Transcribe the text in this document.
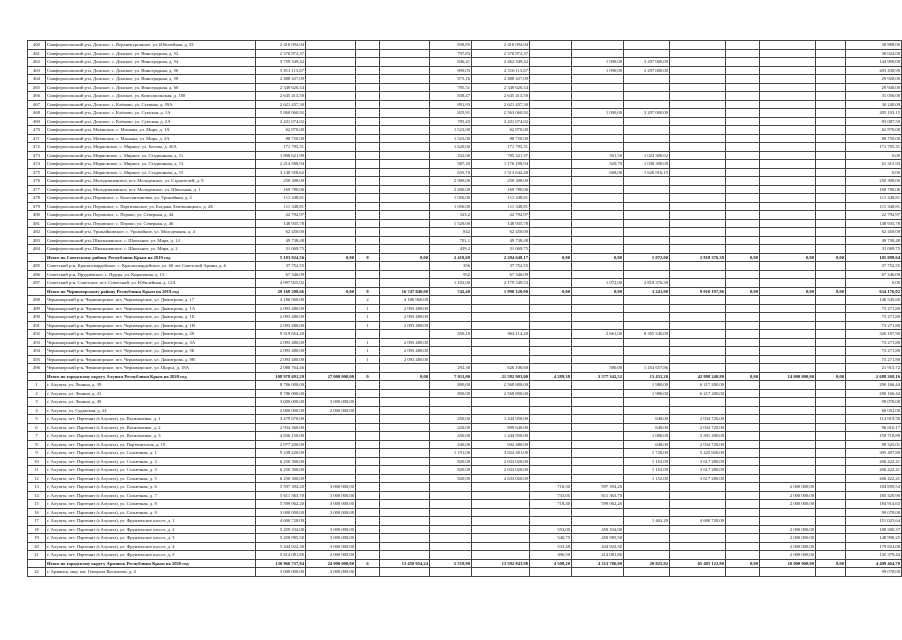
460	Симферопольский р-н, Донское, с. Верхнекурганное, ул. Юбилейная, д. 33	2 416 094,94				838,85	2 416 094,94								30 888,00
461	Симферопольский р-н, Донское, с. Донское, ул. Виноградная, д. 52	2 370 872,37				797,83	2 370 872,37								30 024,00
462	Симферопольский р-н, Донское, с. Донское, ул. Виноградная, д. 54	5 759 349,42				846,41	2 462 349,42		1 090,00	3 297 000,00					144 990,00
463	Симферопольский р-н, Донское, с. Донское, ул. Виноградная, д. 56	5 813 113,67				899,03	2 516 113,67		1 090,00	3 297 000,00					203 438,90
464	Симферопольский р-н, Донское, с. Донское, ул. Виноградная, д. 58	2 488 437,09				875,16	2 488 437,09								29 928,00
465	Симферопольский р-н, Донское, с. Донское, ул. Виноградная, д. 60	2 349 626,54				785,51	2 349 626,54								29 940,00
466	Симферопольский р-н, Донское, с. Донское, ул. Комсомольская, д. 180	2 645 413,50				838,47	2 645 413,50								31 056,00
467	Симферопольский р-н, Донское, с. Клёново, ул. Степная, д. 59А	2 621 437,30				891,93	2 621 437,30								30 240,00
468	Симферопольский р-н, Донское, с. Клёново, ул. Сумская, д. 1А	5 860 060,92				825,91	2 563 060,92		1 090,00	3 297 000,00					205 103,15
469	Симферопольский р-н, Донское, с. Клёново, ул. Сумская, д. 2А	2 431 074,02				785,45	2 431 074,02								83 087,59
470	Симферопольский р-н, Мазанское, с. Мазанка, ул. Мира, д. 1А	62 870,00				1 523,00	62 870,00								62 870,00
471	Симферопольский р-н, Мазанское, с. Мазанка, ул. Мира, д. 2А	88 750,00				1 523,00	88 750,00								88 750,00
472	Симферопольский р-н, Мирновское, с. Мирное, ул. Белова, д. 20А	171 795,31				1 620,00	171 795,31								171 795,31
473	Симферопольский р-н, Мирновское, с. Мирное, ул. Стадионная, д. 11	1 808 621,99				332,00	785 321,37		501,50	1 023 300,62					0,00
474	Симферопольский р-н, Мирновское, с. Мирное, ул. Стадионная, д. 13	2 214 588,94				387,20	1 176 198,94		320,70	1 038 390,00					61 315,93
475	Симферопольский р-н, Мирновское, с. Мирное, ул. Стадионная, д. 15	3 140 558,62				635,70	1 513 642,48		668,00	1 626 916,15					0,00
476	Симферопольский р-н, Молодежненское, пгт. Молодежное, ул. Строителей, д. 9	250 308,00				2 900,00	250 308,00								250 308,00
477	Симферопольский р-н, Молодежненское, пгт. Молодежное, ул. Школьная, д. 1	169 780,06				2 400,00	169 780,06								169 780,06
478	Симферопольский р-н, Перовское, с. Константиновка, ул. Урожайная, д. 2	111 348,81				1 056,00	111 348,81								111 348,81
479	Симферопольский р-н, Перовское, с. Партизанское, ул. Богдана Хмельницкого, д. 2Б	111 348,81				1 056,00	111 348,81								111 348,81
480	Симферопольский р-н, Перовское, с. Перово, ул. Северная, д. 44	22 792,97				323,2	22 792,97								22 792,97
481	Симферопольский р-н, Перовское, с. Перово, ул. Северная, д. 46	148 935,78				1 529,00	148 935,78								148 935,78
482	Симферопольский р-н, Урожайновское, с. Урожайное, ул. Молодежная, д. 4	62 450,00				842	62 450,00								62 450,00
483	Симферопольский р-н, Школьненское, с. Школьное, ул. Мира, д. 14	49 738,48				701,1	49 738,48								49 738,48
484	Симферопольский р-н, Школьненское, с. Школьное, ул. Мира, д. 2	31 069,75				439,2	31 069,75								31 069,75
	Итого по Советскому району Республики Крым на 2019 год	5 103 024,56	0,00	0	0,00	2 410,69	2 294 648,17	0,00	0,00	1 072,00	2 818 376,39	0,00	0,00	0,00	105 098,64
485	Советский р-н, Красногвардейское, с. Красногвардейское, ул. 60 лет Советской Армии, д. 6	37 752,55				356	37 752,55								37 752,55
486	Советский р-н, Пруднёвское, с. Пруды, ул. Кирпичная, д. 15	67 346,09				952	67 346,09								67 346,09
487	Советский р-н, Советское, пгт. Советский, ул. Юбилейная, д. 12А	4 997 925,92				1 102,00	2 179 549,53		1 072,00	2 818 376,39					0,00
	Итого по Черноморскому району Республики Крым на 2019 год	29 168 208,66	0,00	8	16 747 840,00	742,40	1 990 120,00	0,00	0,00	3 241,00	9 010 197,86	0,00	0,00	0,00	634 176,02
488	Черноморский р-н, Черноморское, пгт. Черноморское, ул. Димитрова, д. 17	4 186 960,00		2	4 186 960,00										146 545,60
489	Черноморский р-н, Черноморское, пгт. Черноморское, ул. Димитрова, д. 1А	2 093 480,00		1	2 093 480,00										73 271,80
490	Черноморский р-н, Черноморское, пгт. Черноморское, ул. Димитрова, д. 1Б	2 093 480,00		1	2 093 480,00										73 271,80
491	Черноморский р-н, Черноморское, пгт. Черноморское, ул. Димитрова, д. 1В	2 093 480,00		1	2 093 480,00										73 271,80
492	Черноморский р-н, Черноморское, пгт. Черноморское, ул. Димитрова, д. 20	9 319 654,20				450,10	964 114,20		2 661,00	8 355 540,00					326 187,90
493	Черноморский р-н, Черноморское, пгт. Черноморское, ул. Димитрова, д. 3А	2 093 480,00		1	2 093 480,00										73 271,80
494	Черноморский р-н, Черноморское, пгт. Черноморское, ул. Димитрова, д. 5Б	2 093 480,00		1	2 093 480,00										73 271,80
495	Черноморский р-н, Черноморское, пгт. Черноморское, ул. Димитрова, д. 9В	2 093 480,00		1	2 093 480,00										73 271,80
496	Черноморский р-н, Черноморское, пгт. Черноморское, ул. Щорса, д. 18А	2 080 764,46				292,30	626 106,60		580,00	1 454 657,86					21 915,72
	Итого по городскому округу Алушта Республики Крым на 2020 год	108 978 691,29	27 000 000,00	0	0,00	7 011,00	21 582 903,00	4 289,38	3 577 342,52	13 433,20	42 808 240,80	0,00	14 000 000,00	0,00	2 688 268,16
1	г. Алушта, ул. Ленина, д. 39	8 786 000,00				800,00	2 568 800,00			1 980,00	6 217 200,00				290 166,44
2	г. Алушта, ул. Ленина, д. 41	8 786 000,00				800,00	2 568 800,00			1 980,00	6 217 200,00				290 166,44
3	г. Алушта, ул. Ленина, д. 49	3 000 000,00	3 000 000,00												99 078,00
4	г. Алушта, ул. Судакская, д. 24	2 000 000,00	2 000 000,00												66 052,00
5	г. Алушта, пгт. Партенит (г.Алушта), ул. Васильченко, д. 1	3 479 670,00				450,00	1 444 950,00			648,00	2 034 720,00				114 919,58
6	г. Алушта, пгт. Партенит (г.Алушта), ул. Васильченко, д. 2	2 934 360,00				420,00	899 640,00			648,00	2 034 720,00				96 910,17
7	г. Алушта, пгт. Партенит (г.Алушта), ул. Васильченко, д. 3	4 836 150,00				450,00	1 444 950,00			1 080,00	3 391 200,00				159 718,89
8	г. Алушта, пгт. Партенит (г.Алушта), ул. Партенитская, д. 10	2 977 200,00				440,00	942 480,00			648,00	2 034 720,00				98 325,01
9	г. Алушта, пгт. Партенит (г.Алушта), ул. Солнечная, д. 1	9 239 220,00				1 191,00	3 824 301,00			1 728,00	5 425 920,00				305 497,80
10	г. Алушта, пгт. Партенит (г.Алушта), ул. Солнечная, д. 2	6 250 300,00				820,00	2 633 020,00			1 152,00	3 617 280,00				206 422,41
11	г. Алушта, пгт. Партенит (г.Алушта), ул. Солнечная, д. 3	6 250 300,00				820,00	2 633 020,00			1 152,00	3 617 280,00				206 422,41
12	г. Алушта, пгт. Партенит (г.Алушта), ул. Солнечная, д. 5	6 250 300,00				820,00	2 633 020,00			1 152,00	3 617 280,00				206 422,41
13	г. Алушта, пгт. Партенит (г.Алушта), ул. Солнечная, д. 6	5 597 394,20	3 000 000,00					716,30	597 394,20				2 000 000,00		184 859,54
14	г. Алушта, пгт. Партенит (г.Алушта), ул. Солнечная, д. 7	5 611 363,70	3 000 000,00					733,05	611 363,70				2 000 000,00		185 320,90
15	г. Алушта, пгт. Партенит (г.Алушта), ул. Солнечная, д. 8	5 599 062,20	3 000 000,00					718,30	599 062,20				2 000 000,00		184 914,63
16	г. Алушта, пгт. Партенит (г.Алушта), ул. Солнечная, д. 9	3 000 000,00	3 000 000,00												99 078,00
17	г. Алушта, пгт. Партенит (г.Алушта), ул. Фрунзенское шоссе, д. 1	4 600 728,00								1 463,20	4 600 728,00				151 025,64
18	г. Алушта, пгт. Партенит (г.Алушта), ул. Фрунзенское шоссе, д. 2	5 459 334,00	3 000 000,00					553,00	459 334,00				2 000 000,00		180 300,37
19	г. Алушта, пгт. Партенит (г.Алушта), ул. Фрунзенское шоссе, д. 3	5 450 985,50	3 000 000,00					540,75	450 985,50				2 000 000,00		148 998,25
20	г. Алушта, пгт. Партенит (г.Алушта), ул. Фрунзенское шоссе, д. 4	5 444 922,30	3 000 000,00					533,48	444 922,30				2 000 000,00		179 824,08
21	г. Алушта, пгт. Партенит (г.Алушта), ул. Фрунзенское шоссе, д. 5	5 414 081,80	2 000 000,00					496,50	414 081,80				2 000 000,00		145 379,44
	Итого по городскому округу Армянск Республики Крым на 2020 год	130 966 737,94	24 000 000,00	6	13 458 954,24	5 518,90	13 592 843,90	4 508,20	4 113 786,00	20 825,82	65 483 122,80	0,00	10 000 000,00	0,00	4 499 464,70
22	г. Армянск, мкр. им. Генерала Васильева, д. 4	3 000 000,00	3 000 000,00												99 078,00
